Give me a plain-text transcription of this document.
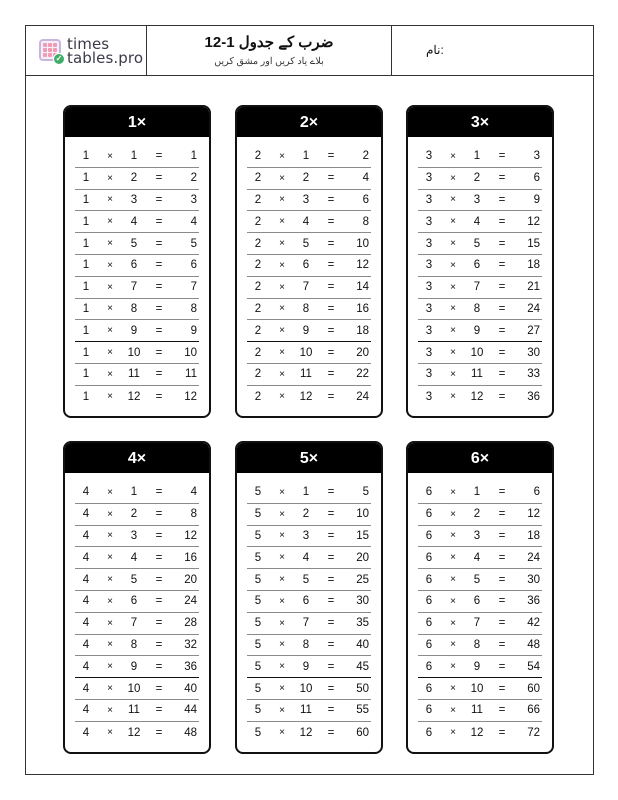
✓
times
tables.pro
ضرب کے جدول 1-12
بلاے یاد کریں اور مشق کریں
نام:
1×
1	×	1	=	1
1	×	2	=	2
1	×	3	=	3
1	×	4	=	4
1	×	5	=	5
1	×	6	=	6
1	×	7	=	7
1	×	8	=	8
1	×	9	=	9
1	×	10	=	10
1	×	11	=	11
1	×	12	=	12
2×
2	×	1	=	2
2	×	2	=	4
2	×	3	=	6
2	×	4	=	8
2	×	5	=	10
2	×	6	=	12
2	×	7	=	14
2	×	8	=	16
2	×	9	=	18
2	×	10	=	20
2	×	11	=	22
2	×	12	=	24
3×
3	×	1	=	3
3	×	2	=	6
3	×	3	=	9
3	×	4	=	12
3	×	5	=	15
3	×	6	=	18
3	×	7	=	21
3	×	8	=	24
3	×	9	=	27
3	×	10	=	30
3	×	11	=	33
3	×	12	=	36
4×
4	×	1	=	4
4	×	2	=	8
4	×	3	=	12
4	×	4	=	16
4	×	5	=	20
4	×	6	=	24
4	×	7	=	28
4	×	8	=	32
4	×	9	=	36
4	×	10	=	40
4	×	11	=	44
4	×	12	=	48
5×
5	×	1	=	5
5	×	2	=	10
5	×	3	=	15
5	×	4	=	20
5	×	5	=	25
5	×	6	=	30
5	×	7	=	35
5	×	8	=	40
5	×	9	=	45
5	×	10	=	50
5	×	11	=	55
5	×	12	=	60
6×
6	×	1	=	6
6	×	2	=	12
6	×	3	=	18
6	×	4	=	24
6	×	5	=	30
6	×	6	=	36
6	×	7	=	42
6	×	8	=	48
6	×	9	=	54
6	×	10	=	60
6	×	11	=	66
6	×	12	=	72
